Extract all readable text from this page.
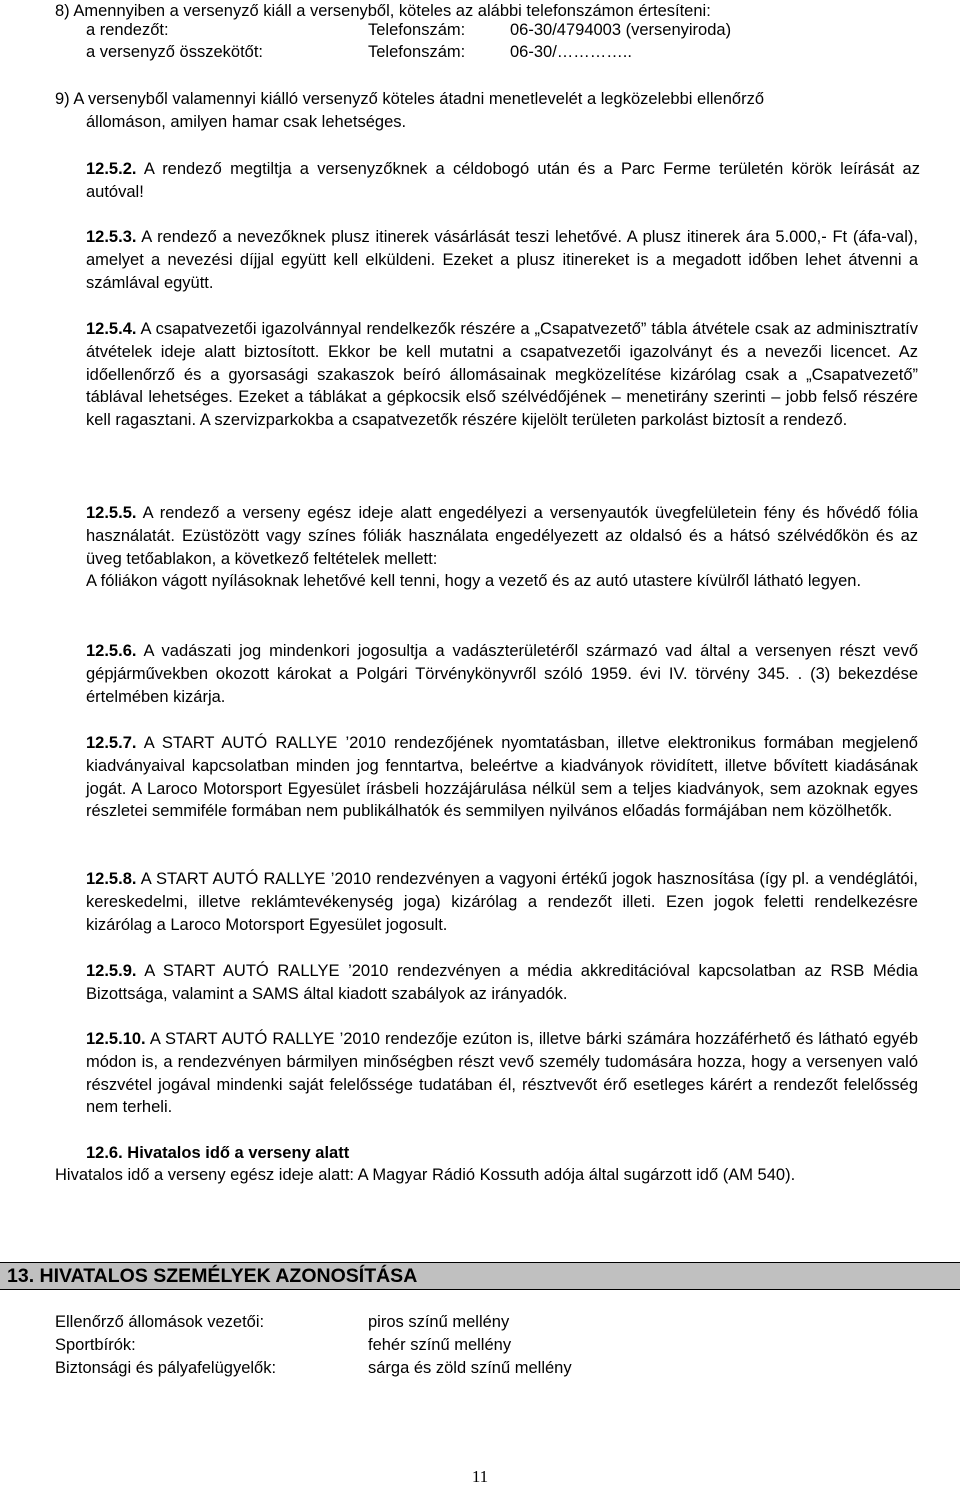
8) Amennyiben a versenyző kiáll a versenyből, köteles az alábbi telefonszámon értesíteni:
a rendezőt:	Telefonszám:	06-30/4794003 (versenyiroda)
a versenyző összekötőt:	Telefonszám:	06-30/…………..
9) A versenyből valamennyi kiálló versenyző köteles átadni menetlevelét a legközelebbi ellenőrző
állomáson, amilyen hamar csak lehetséges.

12.5.2. A rendező megtiltja a versenyzőknek a céldobogó után és a Parc Ferme területén körök leírását az autóval!

12.5.3. A rendező a nevezőknek plusz itinerek vásárlását teszi lehetővé. A plusz itinerek ára 5.000,- Ft (áfa-val), amelyet a nevezési díjjal együtt kell elküldeni. Ezeket a plusz itinereket is a megadott időben lehet átvenni a számlával együtt.

12.5.4. A csapatvezetői igazolvánnyal rendelkezők részére a „Csapatvezető” tábla átvétele csak az adminisztratív átvételek ideje alatt biztosított. Ekkor be kell mutatni a csapatvezetői igazolványt és a nevezői licencet. Az időellenőrző és a gyorsasági szakaszok beíró állomásainak megközelítése kizárólag csak a „Csapatvezető” táblával lehetséges. Ezeket a táblákat a gépkocsik első szélvédőjének – menetirány szerinti – jobb felső részére kell ragasztani. A szervizparkokba a csapatvezetők részére kijelölt területen parkolást biztosít a rendező.

12.5.5. A rendező a verseny egész ideje alatt engedélyezi a versenyautók üvegfelületein fény és hővédő fólia használatát. Ezüstözött vagy színes fóliák használata engedélyezett az oldalsó és a hátsó szélvédőkön és az üveg tetőablakon, a következő feltételek mellett:

A fóliákon vágott nyílásoknak lehetővé kell tenni, hogy a vezető és az autó utastere kívülről látható legyen.

12.5.6. A vadászati jog mindenkori jogosultja a vadászterületéről származó vad által a versenyen részt vevő gépjárművekben okozott károkat a Polgári Törvénykönyvről szóló 1959. évi IV. törvény 345. . (3) bekezdése értelmében kizárja.

12.5.7. A START AUTÓ RALLYE ’2010 rendezőjének nyomtatásban, illetve elektronikus formában megjelenő kiadványaival kapcsolatban minden jog fenntartva, beleértve a kiadványok rövidített, illetve bővített kiadásának jogát. A Laroco Motorsport Egyesület írásbeli hozzájárulása nélkül sem a teljes kiadványok, sem azoknak egyes részletei semmiféle formában nem publikálhatók és semmilyen nyilvános előadás formájában nem közölhetők.

12.5.8. A START AUTÓ RALLYE ’2010 rendezvényen a vagyoni értékű jogok hasznosítása (így pl. a vendéglátói, kereskedelmi, illetve reklámtevékenység joga) kizárólag a rendezőt illeti. Ezen jogok feletti rendelkezésre kizárólag a Laroco Motorsport Egyesület jogosult.

12.5.9. A START AUTÓ RALLYE ’2010 rendezvényen a média akkreditációval kapcsolatban az RSB Média Bizottsága, valamint a SAMS által kiadott szabályok az irányadók.

12.5.10. A START AUTÓ RALLYE ’2010 rendezője ezúton is, illetve bárki számára hozzáférhető és látható egyéb módon is, a rendezvényen bármilyen minőségben részt vevő személy tudomására hozza, hogy a versenyen való részvétel jogával mindenki saját felelőssége tudatában él, résztvevőt érő esetleges kárért a rendezőt felelősség nem terheli.

12.6. Hivatalos idő a verseny alatt

Hivatalos idő a verseny egész ideje alatt: A Magyar Rádió Kossuth adója által sugárzott idő (AM 540).

13. HIVATALOS SZEMÉLYEK AZONOSÍTÁSA
Ellenőrző állomások vezetői:	piros színű mellény
Sportbírók:	fehér színű mellény
Biztonsági és pályafelügyelők:	sárga és zöld színű mellény
11
